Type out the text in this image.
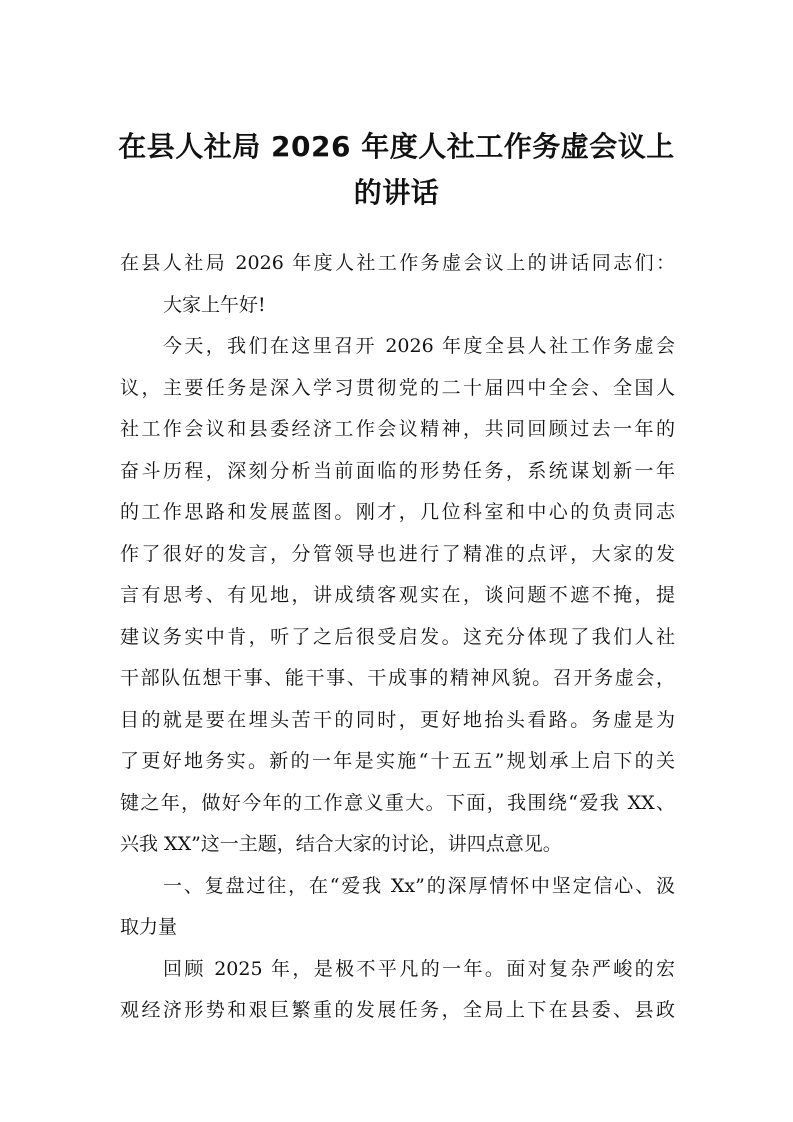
在县人社局 2026 年度人社工作务虚会议上
的讲话
在县人社局 2026 年度人社工作务虚会议上的讲话同志们：
大家上午好!
今天，我们在这里召开 2026 年度全县人社工作务虚会
议，主要任务是深入学习贯彻党的二十届四中全会、全国人
社工作会议和县委经济工作会议精神，共同回顾过去一年的
奋斗历程，深刻分析当前面临的形势任务，系统谋划新一年
的工作思路和发展蓝图。刚才，几位科室和中心的负责同志
作了很好的发言，分管领导也进行了精准的点评，大家的发
言有思考、有见地，讲成绩客观实在，谈问题不遮不掩，提
建议务实中肯，听了之后很受启发。这充分体现了我们人社
干部队伍想干事、能干事、干成事的精神风貌。召开务虚会，
目的就是要在埋头苦干的同时，更好地抬头看路。务虚是为
了更好地务实。新的一年是实施“十五五”规划承上启下的关
键之年，做好今年的工作意义重大。下面，我围绕“爱我 XX、
兴我 XX”这一主题，结合大家的讨论，讲四点意见。
一、复盘过往，在“爱我 Xx”的深厚情怀中坚定信心、汲
取力量
回顾 2025 年，是极不平凡的一年。面对复杂严峻的宏
观经济形势和艰巨繁重的发展任务，全局上下在县委、县政
